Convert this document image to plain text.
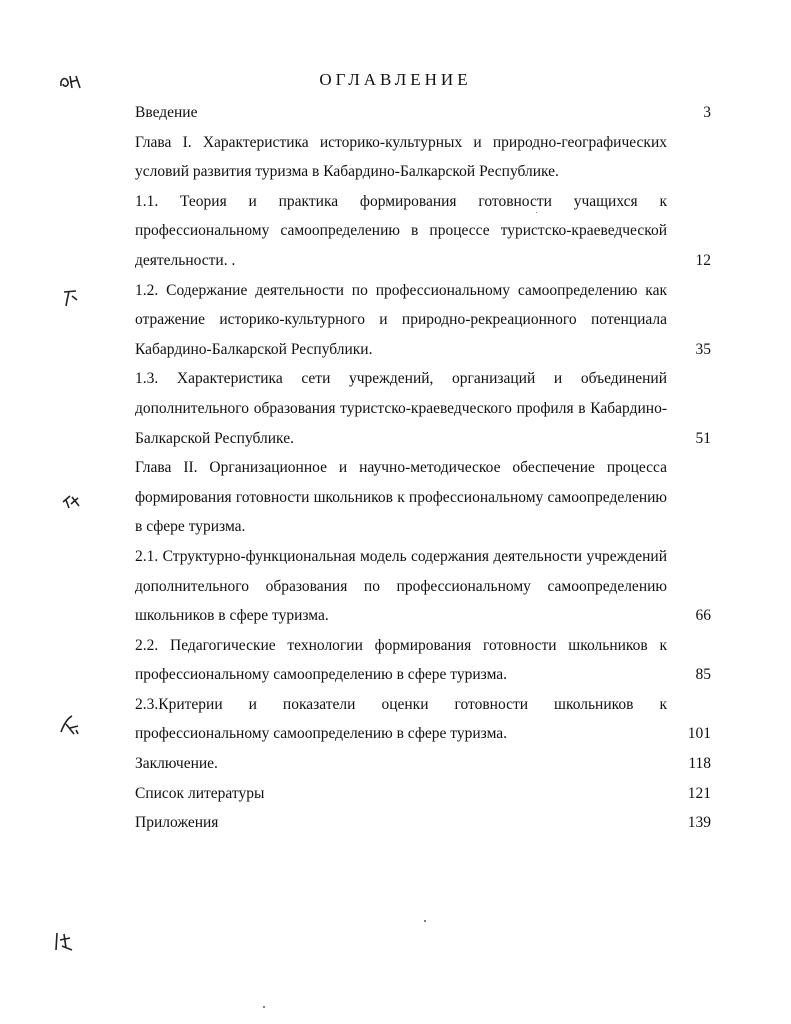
ОГЛАВЛЕНИЕ
Введение	3
Глава I. Характеристика историко-культурных и природно-географических условий развития туризма в Кабардино-Балкарской Республике.
1.1. Теория и практика формирования готовности учащихся к профессиональному самоопределению в процессе туристско-краеведческой деятельности. .	12
1.2. Содержание деятельности по профессиональному самоопределению как отражение историко-культурного и природно-рекреационного потенциала Кабардино-Балкарской Республики.	35
1.3. Характеристика сети учреждений, организаций и объединений дополнительного образования туристско-краеведческого профиля в Кабардино-Балкарской Республике.	51
Глава II. Организационное и научно-методическое обеспечение процесса формирования готовности школьников к профессиональному самоопределению в сфере туризма.
2.1. Структурно-функциональная модель содержания деятельности учреждений дополнительного образования по профессиональному самоопределению школьников в сфере туризма.	66
2.2. Педагогические технологии формирования готовности школьников к профессиональному самоопределению в сфере туризма.	85
2.3.Критерии и показатели оценки готовности школьников к профессиональному самоопределению в сфере туризма.	101
Заключение.	118
Список литературы	121
Приложения	139
